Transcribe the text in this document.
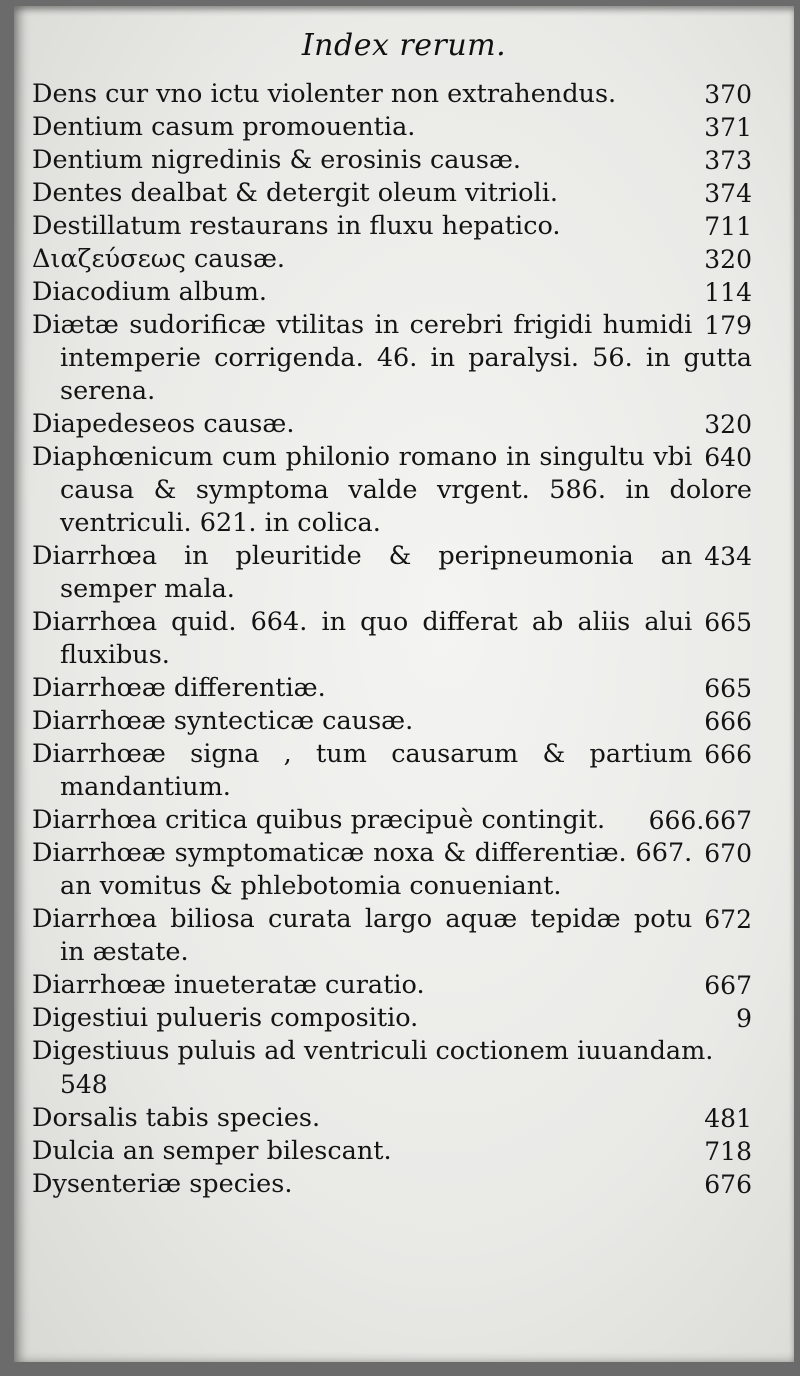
Index rerum.
370
Dens cur vno ictu violenter non extrahendus.
371
Dentium casum promouentia.
373
Dentium nigredinis & erosinis causæ.
374
Dentes dealbat & detergit oleum vitrioli.
711
Destillatum restaurans in fluxu hepatico.
320
Διαζεύσεως causæ.
114
Diacodium album.
179
Diætæ sudorificæ vtilitas in cerebri frigidi humidi intemperie corrigenda. 46. in paralysi. 56. in gutta serena.
320
Diapedeseos causæ.
640
Diaphœnicum cum philonio romano in singultu vbi causa & symptoma valde vrgent. 586. in dolore ventriculi. 621. in colica.
434
Diarrhœa in pleuritide & peripneumonia an semper mala.
665
Diarrhœa quid. 664. in quo differat ab aliis alui fluxibus.
665
Diarrhœæ differentiæ.
666
Diarrhœæ syntecticæ causæ.
666
Diarrhœæ signa , tum causarum & partium mandantium.
666.667
Diarrhœa critica quibus præcipuè contingit.
670
Diarrhœæ symptomaticæ noxa & differentiæ. 667. an vomitus & phlebotomia conueniant.
672
Diarrhœa biliosa curata largo aquæ tepidæ potu in æstate.
667
Diarrhœæ inueteratæ curatio.
9
Digestiui pulueris compositio.
Digestiuus puluis ad ventriculi coctionem iuuandam.
548
481
Dorsalis tabis species.
718
Dulcia an semper bilescant.
676
Dysenteriæ species.
